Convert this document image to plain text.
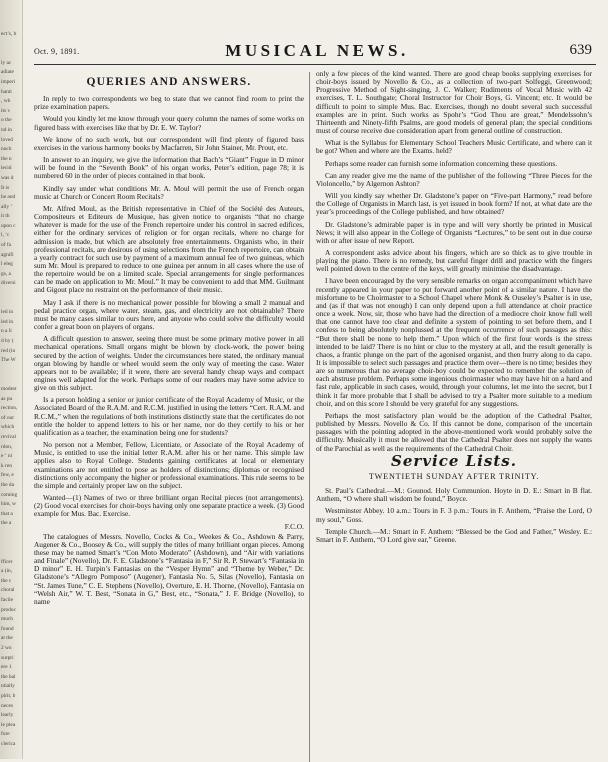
ect’s, b

ly ac
adiate
imperi
hanti
, wh
its v
o the
nd in
loved
nuch
the n
lecid
was d
It is
he and
ally ’
it th
upon c
l, ‘c
of fa
agnifi
l eleg
gs, a
diversi

led in
led in
n a li
d by (
red (in
The W

modest
as pu
rection,
of our
which
revival
rdon,
e ‘ ni
k ren
few, e
the da
coming
him, w
that a
the a

fficer
a (in,
the c
choral
facile
produc
much
found
at the
2 wn
surpri
ere 1
the bal
ntially
pirit, b
neces
learly
le plea
fore
clerica
Oct. 9, 1891.	MUSICAL NEWS.	639
QUERIES AND ANSWERS.

In reply to two correspondents we beg to state that we cannot find room to print the prize examination papers.

Would you kindly let me know through your query column the names of some works on figured bass with exercises like that by Dr. E. W. Taylor?

We know of no such work, but our correspondent will find plenty of figured bass exercises in the various harmony books by Macfarren, Sir John Stainer, Mr. Prout, etc.

In answer to an inquiry, we give the information that Bach’s “Giant” Fugue in D minor will be found in the “Seventh Book” of his organ works, Peter’s edition, page 78; it is numbered 60 in the order of pieces contained in that book.

Kindly say under what conditions Mr. A. Moul will permit the use of French organ music at Church or Concert Room Recitals?

Mr. Alfred Moul, as the British representative in Chief of the Société des Auteurs, Compositeurs et Editeurs de Musique, has given notice to organists “that no charge whatever is made for the use of the French repertoire under his control in sacred edifices, either for the ordinary services of religion or for organ recitals, where no charge for admission is made, but which are absolutely free entertainments. Organists who, in their professional recitals, are desirous of using selections from the French repertoire, can obtain a yearly contract for such use by payment of a maximum annual fee of two guineas, which sum Mr. Moul is prepared to reduce to one guinea per annum in all cases where the use of the repertoire would be on a limited scale. Special arrangements for single performances can be made on application to Mr. Moul.” It may be convenient to add that MM. Guilmant and Gigout place no restraint on the performance of their music.

May I ask if there is no mechanical power possible for blowing a small 2 manual and pedal practice organ, where water, steam, gas, and electricity are not obtainable? There must be many cases similar to ours here, and anyone who could solve the difficulty would confer a great boon on players of organs.

A difficult question to answer, seeing there must be some primary motive power in all mechanical operations. Small organs might be blown by clock-work, the power being secured by the action of weights. Under the circumstances here stated, the ordinary manual organ blowing by handle or wheel would seem the only way of meeting the case. Water appears not to be available; if it were, there are several handy cheap ways and compact engines well adapted for the work. Perhaps some of our readers may have some advice to give on this subject.

Is a person holding a senior or junior certificate of the Royal Academy of Music, or the Associated Board of the R.A.M. and R.C.M. justified in using the letters “Cert. R.A.M. and R.C.M.,” when the regulations of both institutions distinctly state that the certificates do not entitle the holder to append letters to his or her name, nor do they certify to his or her qualification as a teacher, the examination being one for students?

No person not a Member, Fellow, Licentiate, or Associate of the Royal Academy of Music, is entitled to use the initial letter R.A.M. after his or her name. This simple law applies also to Royal College. Students gaining certificates at local or elementary examinations are not entitled to pose as holders of distinctions; diplomas or recognised distinctions only accompany the higher or professional examinations. This rule seems to be the simple and certainly proper law on the subject.

Wanted—(1) Names of two or three brilliant organ Recital pieces (not arrangements). (2) Good vocal exercises for choir-boys having only one separate practice a week. (3) Good example for Mus. Bac. Exercise.

F.C.O.

The catalogues of Messrs. Novello, Cocks & Co., Weekes & Co., Ashdown & Parry, Augener & Co., Boosey & Co., will supply the titles of many brilliant organ pieces. Among these may be named Smart’s “Con Moto Moderato” (Ashdown), and “Air with variations and Finale” (Novello), Dr. F. E. Gladstone’s “Fantasia in F,” Sir R. P. Stewart’s “Fantasia in D minor” E. H. Turpin’s Fantasias on the “Vesper Hymn” and “Theme by Weber,” Dr. Gladstone’s “Allegro Pomposo” (Augener), Fantasia No. 5, Silas (Novello), Fantasia on “St. James Tune,” C. E. Stephens (Novello), Overture, E. H. Thorne, (Novello), Fantasia on “Welsh Air,” W. T. Best, “Sonata in G,” Best, etc., “Sonata,” J. F. Bridge (Novello), to name

only a few pieces of the kind wanted. There are good cheap books supplying exercises for choir-boys issued by Novello & Co., as a collection of two-part Solfeggi, Greenwood; Progressive Method of Sight-singing, J. C. Walker; Rudiments of Vocal Music with 42 exercises, T. L. Southgate; Choral Instructor for Choir Boys, G. Vincent; etc. It would be difficult to point to simple Mus. Bac. Exercises, though no doubt several such successful examples are in print. Such works as Spohr’s “God Thou are great,” Mendelssohn’s Thirteenth and Ninety-fifth Psalms, are good models of general plan; the special conditions must of course receive due consideration apart from general outline of construction.

What is the Syllabus for Elementary School Teachers Music Certificate, and where can it be got? When and where are the Exams. held?

Perhaps some reader can furnish some information concerning these questions.

Can any reader give me the name of the publisher of the following “Three Pieces for the Violoncello,” by Algernon Ashton?

Will you kindly say whether Dr. Gladstone’s paper on “Five-part Harmony,” read before the College of Organists in March last, is yet issued in book form? If not, at what date are the year’s proceedings of the College published, and how obtained?

Dr. Gladstone’s admirable paper is in type and will very shortly be printed in Musical News; it will also appear in the College of Organists “Lectures,” to be sent out in due course with or after issue of new Report.

A correspondent asks advice about his fingers, which are so thick as to give trouble in playing the piano. There is no remedy, but careful finger drill and practice with the fingers well pointed down to the centre of the keys, will greatly minimise the disadvantage.

I have been encouraged by the very sensible remarks on organ accompaniment which have recently appeared in your paper to put forward another point of a similar nature. I have the misfortune to be Choirmaster to a School Chapel where Monk & Ouseley’s Psalter is in use, and (as if that was not enough) I can only depend upon a full attendance at choir practice once a week. Now, sir, those who have had the direction of a mediocre choir know full well that one cannot have too clear and definite a system of pointing to set before them, and I confess to being absolutely nonplussed at the frequent occurrence of such passages as this: “But there shall be none to help them.” Upon which of the first four words is the stress intended to be laid? There is no hint or clue to the mystery at all, and the result generally is chaos, a frantic plunge on the part of the agonised organist, and then hurry along to da capo. It is impossible to select such passages and practice them over—there is no time; besides they are so numerous that no average choir-boy could be expected to remember the solution of each abstruse problem. Perhaps some ingenious choirmaster who may have hit on a hard and fast rule, applicable in such cases, would, through your columns, let me into the secret, but I think it far more probable that I shall be advised to try a Psalter more suitable to a medium choir, and on this score I should be very grateful for any suggestions.

Perhaps the most satisfactory plan would be the adoption of the Cathedral Psalter, published by Messrs. Novello & Co. If this cannot be done, comparison of the uncertain passages with the pointing adopted in the above-mentioned work would probably solve the difficulty. Musically it must be allowed that the Cathedral Psalter does not supply the wants of the Parochial as well as the requirements of the Cathedral Choir.

Service Lists.
TWENTIETH SUNDAY AFTER TRINITY.

St. Paul’s Cathedral.—M.: Gounod. Holy Communion. Hoyte in D. E.: Smart in B flat. Anthem, “O where shall wisdom be found,” Boyce.

Westminster Abbey. 10 a.m.: Tours in F. 3 p.m.: Tours in F. Anthem, “Praise the Lord, O my soul,” Goss.

Temple Church.—M.: Smart in F. Anthem: “Blessed be the God and Father,” Wesley. E.: Smart in F. Anthem, “O Lord give ear,” Greene.
